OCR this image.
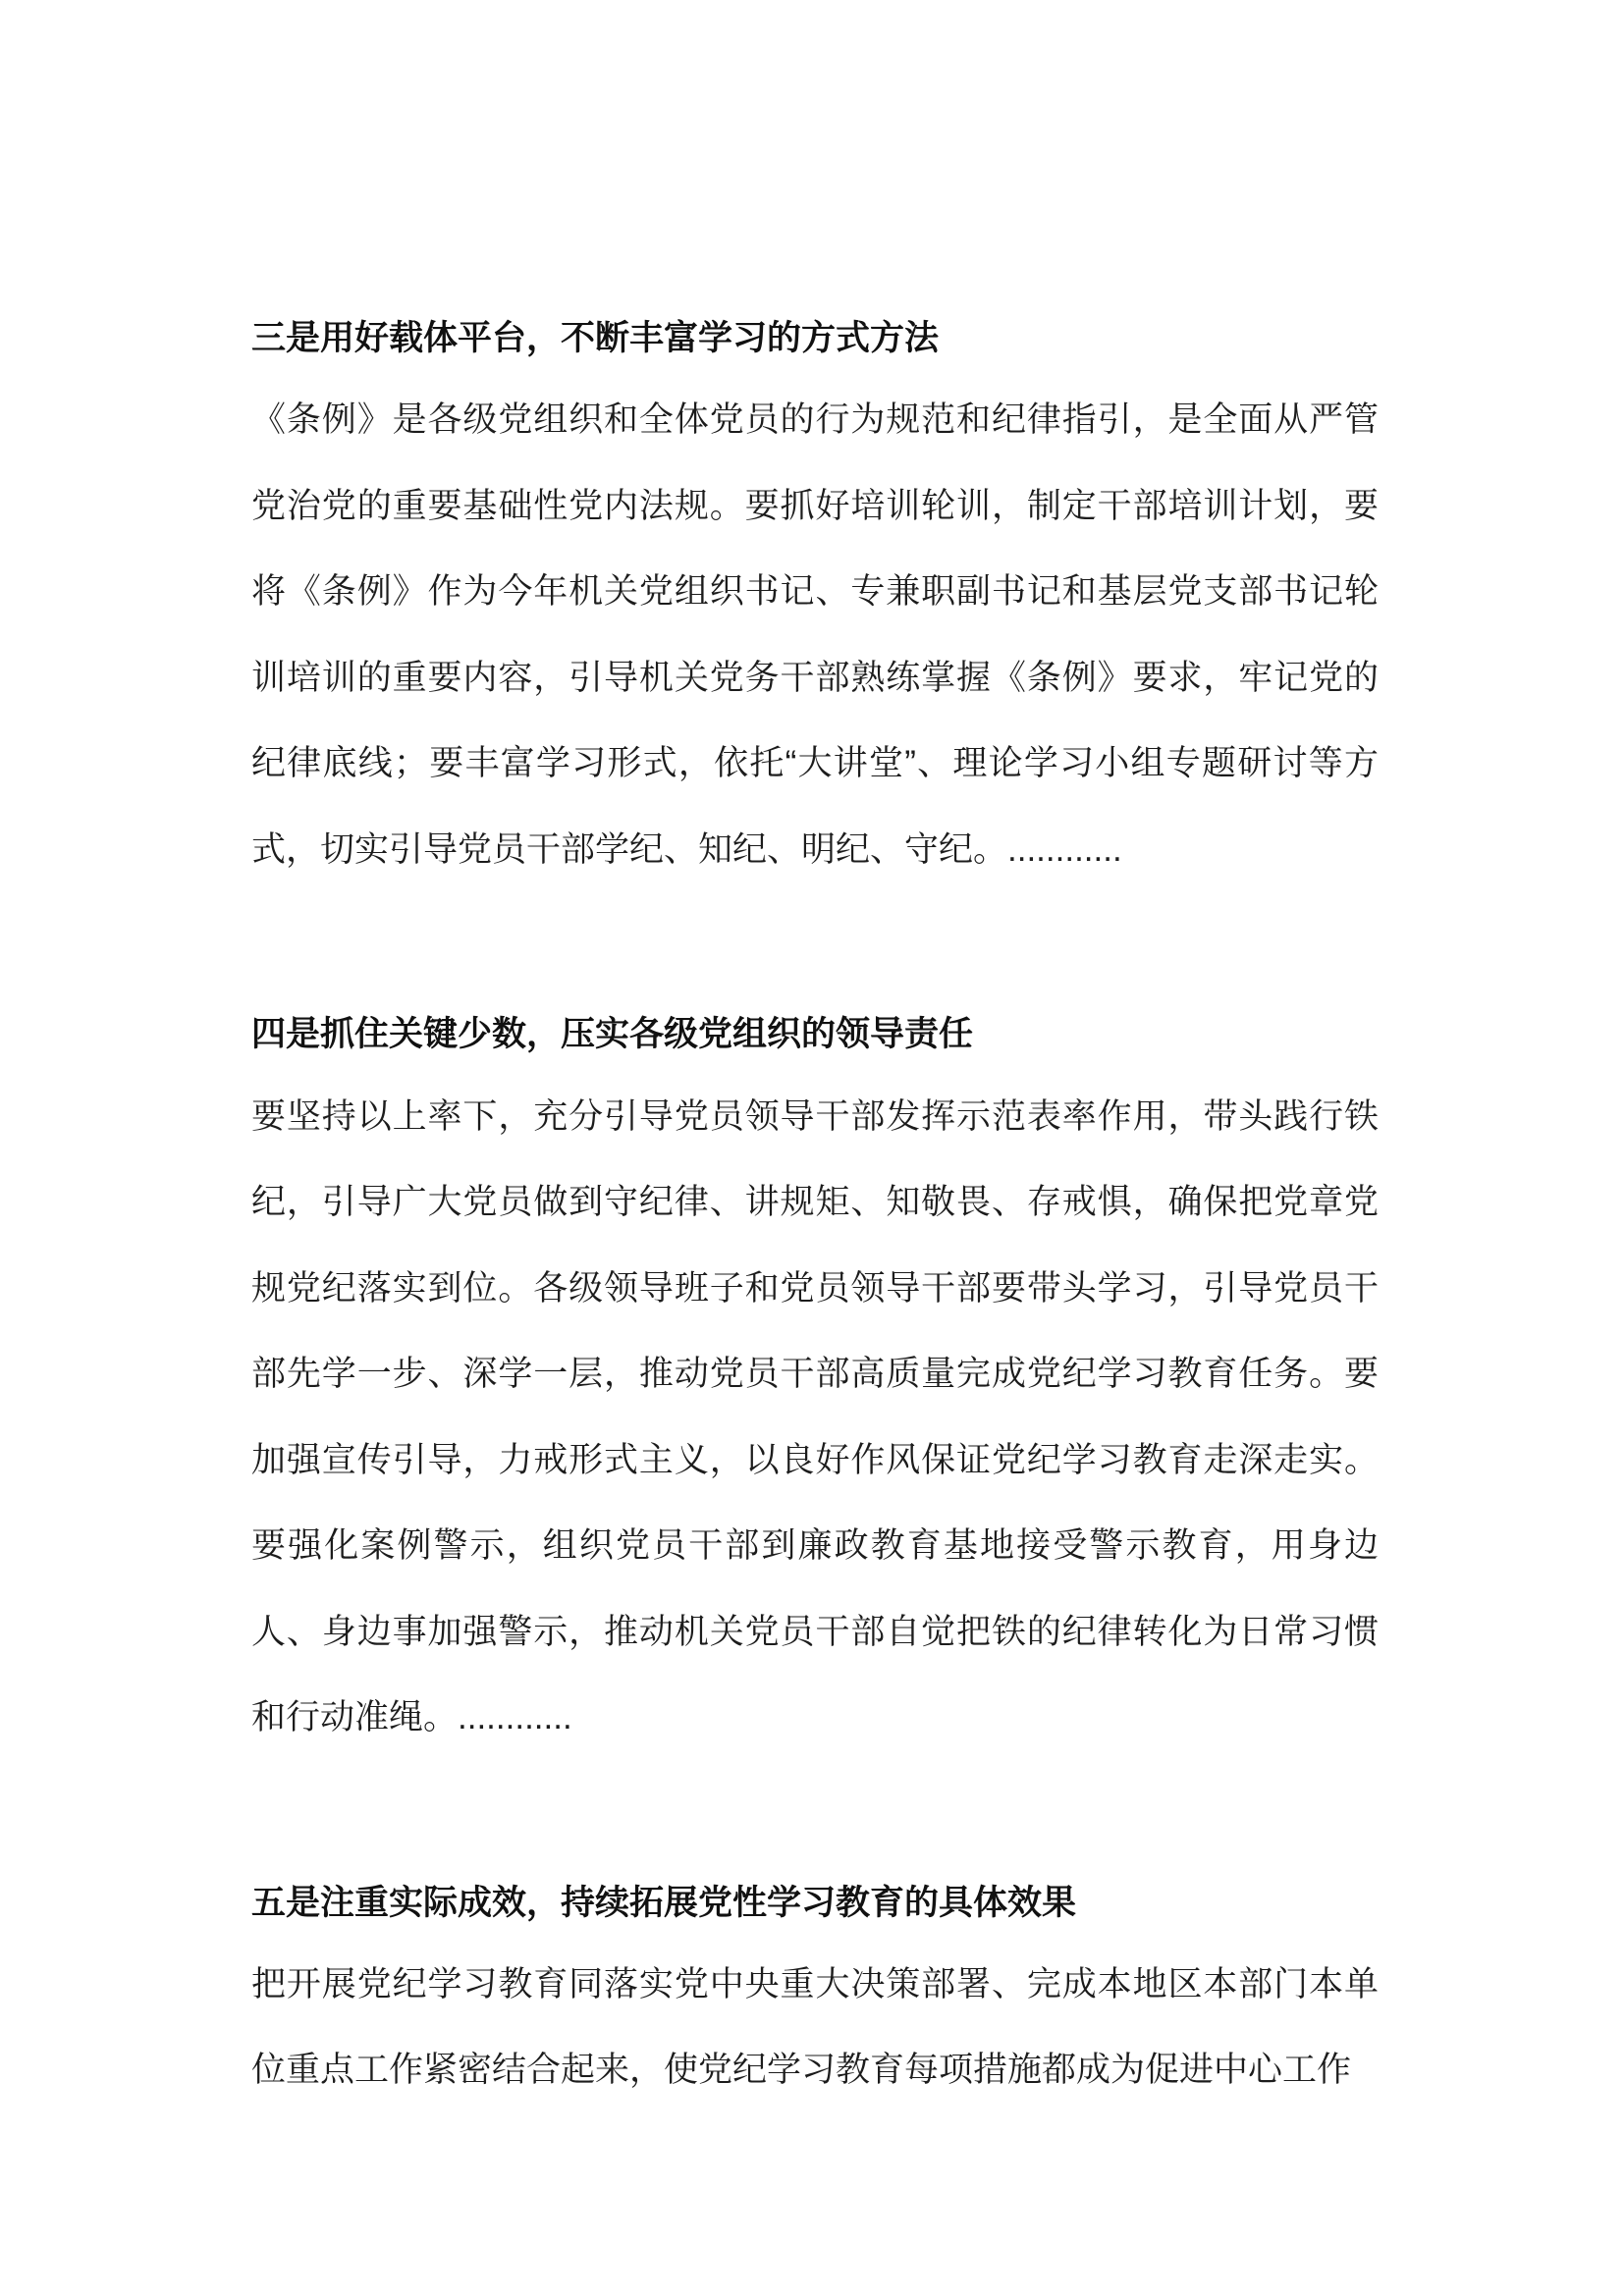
三是用好载体平台，不断丰富学习的方式方法

《条例》是各级党组织和全体党员的行为规范和纪律指引，是全面从严管党治党的重要基础性党内法规。要抓好培训轮训，制定干部培训计划，要将《条例》作为今年机关党组织书记、专兼职副书记和基层党支部书记轮训培训的重要内容，引导机关党务干部熟练掌握《条例》要求，牢记党的纪律底线；要丰富学习形式，依托“大讲堂”、理论学习小组专题研讨等方式，切实引导党员干部学纪、知纪、明纪、守纪。............

四是抓住关键少数，压实各级党组织的领导责任

要坚持以上率下，充分引导党员领导干部发挥示范表率作用，带头践行铁纪，引导广大党员做到守纪律、讲规矩、知敬畏、存戒惧，确保把党章党规党纪落实到位。各级领导班子和党员领导干部要带头学习，引导党员干部先学一步、深学一层，推动党员干部高质量完成党纪学习教育任务。要加强宣传引导，力戒形式主义，以良好作风保证党纪学习教育走深走实。要强化案例警示，组织党员干部到廉政教育基地接受警示教育，用身边人、身边事加强警示，推动机关党员干部自觉把铁的纪律转化为日常习惯和行动准绳。............

五是注重实际成效，持续拓展党性学习教育的具体效果

把开展党纪学习教育同落实党中央重大决策部署、完成本地区本部门本单位重点工作紧密结合起来，使党纪学习教育每项措施都成为促进中心工作
